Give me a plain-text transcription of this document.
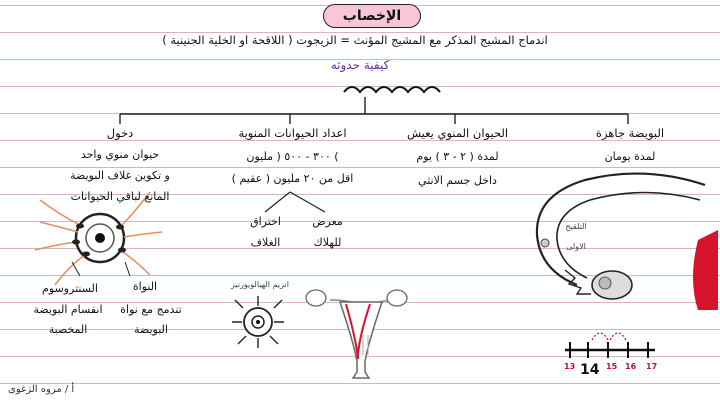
الإخصاب
اندماج المشيج المذكر مع المشيج المؤنث = الزيجوت ( اللاقحة او الخلية الجنينية )
كيفية حدوثه
البويضة جاهزة
لمدة يومان
الحيوان المنوي يعيش
لمدة ( ٢ - ٣ ) يوم
داخل جسم الانثي
اعداد الحيوانات المنوية
) ٣٠٠ - ٥٠٠ ( مليون
اقل من ٢٠ مليون ( عقيم )
معرض
للهلاك
اختراق
الغلاف
دخول
حيوان منوي واحد
و تكوين غلاف البويضة
المانع لباقي الحيوانات
النواة
تندمج مع نواة
البويضة
السنتروسوم
انقسام البويضة
المخصبة
انزيم الهيالويورنيز
التلقيح
الاولى
13 14 15 16 17
أ / مروه الزغوى
